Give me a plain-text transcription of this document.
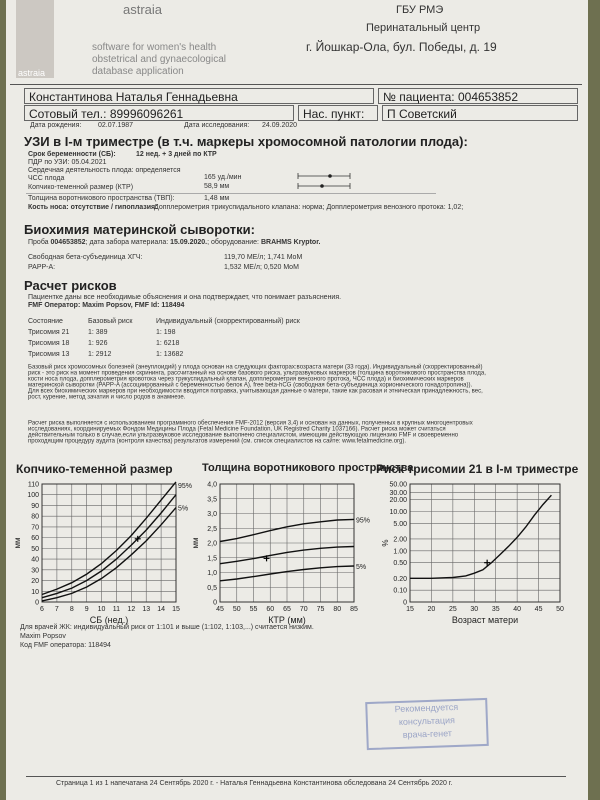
astraia
astraia
software for women's health
obstetrical and gynaecological
database application
ГБУ РМЭ
Перинатальный центр
г. Йошкар-Ола, бул. Победы, д. 19
Константинова Наталья Геннадьевна	№ пациента: 004653852
Сотовый тел.: 89996096261	Нас. пункт:	П Советский
Дата рождения: 02.07.1987	Дата исследования: 24.09.2020
УЗИ в I-м триместре (в т.ч. маркеры хромосомной патологии плода):
Срок беременности (СБ):	12 нед. + 3 дней по КТР
ПДР по УЗИ: 05.04.2021
Сердечная деятельность плода: определяется
ЧСС плода	165 уд./мин
Копчико-теменной размер (КТР)	58,9 мм
Толщина воротникового пространства (ТВП):	1,48 мм
Кость носа: отсутствие / гипоплазия:
Допплерометрия трикуспидального клапана: норма; Допплерометрия венозного протока: 1,02;
Биохимия материнской сыворотки:
Проба 004653852; дата забора материала: 15.09.2020.; оборудование: BRAHMS Kryptor.
Свободная бета-субъединица ХГЧ:	119,70 МЕ/л; 1,741 MoM
PAPP-A:	1,532 МЕ/л; 0,520 MoM
Расчет рисков
Пациентке даны все необходимые объяснения и она подтверждает, что понимает разъяснения.
FMF Оператор: Maxim Popsov, FMF Id: 118494
Состояние	Базовый риск	Индивидуальный (скорректированный) риск
Трисомия 21	1: 389	1: 198
Трисомия 18	1: 926	1: 6218
Трисомия 13	1: 2912	1: 13682
Базовый риск хромосомных болезней (анеуплоидий) у плода основан на следующих факторах:возраста матери (33 года). Индивидуальный (скорректированный)
риск - это риск на момент проведения скрининга, рассчитанный на основе базового риска, ультразвуковых маркеров (толщина воротникового пространства плода,
кости носа плода, допплерометрия кровотока через трикуспидальный клапан, допплерометрия венозного протока, ЧСС плода) и биохимических маркеров
материнской сыворотки (PAPP-A (ассоциированный с беременностью белок А), free beta-hCG (свободная бета-субъединица хорионического гонадотропина)).
Для всех биохимических маркеров при необходимости вводится поправка, учитывающая данные о матери, такие как расовая и этническая принадлежность, вес,
рост, курение, метод зачатия и число родов в анамнезе.
Расчет риска выполняется с использованием программного обеспечения FMF-2012 (версия 3,4) и основан на данных, полученных в крупных многоцентровых
исследованиях, координируемых Фондом Медицины Плода (Fetal Medicine Foundation, UK Registred Charity 1037166). Расчет риска может считаться
действительным только в случае,если ультразвуковое исследование выполнено специалистом, имеющим действующую лицензию FMF и своевременно
проходящим процедуру аудита (контроля качества) результатов измерений (см. список специалистов на сайте: www.fetalmedicine.org).
Копчико-теменной размер	Толщина воротникового пространства
Риск трисомии 21 в I-м триместре
6 7 8 9 10 11 12 13 14 15
0
10
20
30
40
50
60
70
80
90
100
110	95%
5%
СБ (нед.)
мм
45 50 55 60 65 70 75 80 85
0
0,5
1,0
1,5
2,0
2,5
3,0
3,5
4,0
95%
5%
КТР (мм)
мм
15 20 25 30 35 40 45 50
0
0.10
0.20
0.50
1.00
2.00
5.00
10.00
20.00
30.00
50.00
Возраст матери
%
Для врачей ЖК: индивидуальный риск от 1:101 и выше (1:102, 1:103,...) считается низким.
Maxim Popsov
Код FMF оператора: 118494
Рекомендуется
консультация
врача-генет
Страница 1 из 1 напечатана 24 Сентябрь 2020 г. - Наталья Геннадьевна Константинова обследована 24 Сентябрь 2020 г.
